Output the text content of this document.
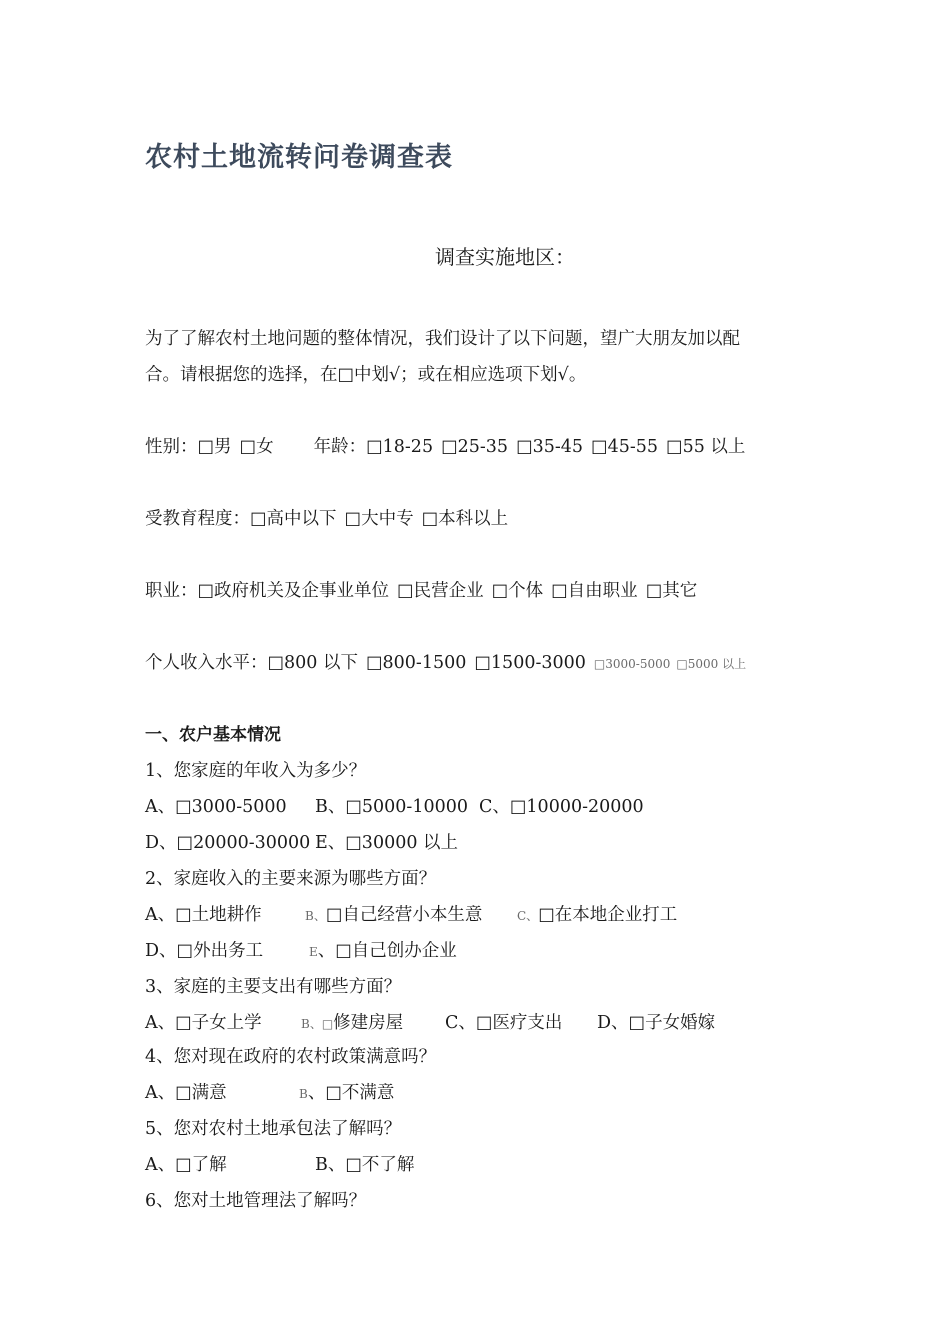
农村土地流转问卷调查表
调查实施地区：
为了了解农村土地问题的整体情况，我们设计了以下问题，望广大朋友加以配
合。请根据您的选择，在□中划√；或在相应选项下划√。
性别：□男 □女 年龄：□18-25 □25-35 □35-45 □45-55 □55 以上
受教育程度：□高中以下 □大中专 □本科以上
职业：□政府机关及企事业单位 □民营企业 □个体 □自由职业 □其它
个人收入水平：□800 以下 □800-1500 □1500-3000 □3000-5000 □5000 以上
一、农户基本情况
1、您家庭的年收入为多少？
A、□3000-5000 B、□5000-10000 C、□10000-20000
D、□20000-30000 E、□30000 以上
2、家庭收入的主要来源为哪些方面？
A、□土地耕作	B、□自己经营小本生意	C、□在本地企业打工
D、□外出务工	E、□自己创办企业
3、家庭的主要支出有哪些方面？
A、□子女上学	B、□修建房屋 C、□医疗支出 D、□子女婚嫁
4、您对现在政府的农村政策满意吗？
A、□满意	B、□不满意
5、您对农村土地承包法了解吗？
A、□了解	B、□不了解
6、您对土地管理法了解吗？
